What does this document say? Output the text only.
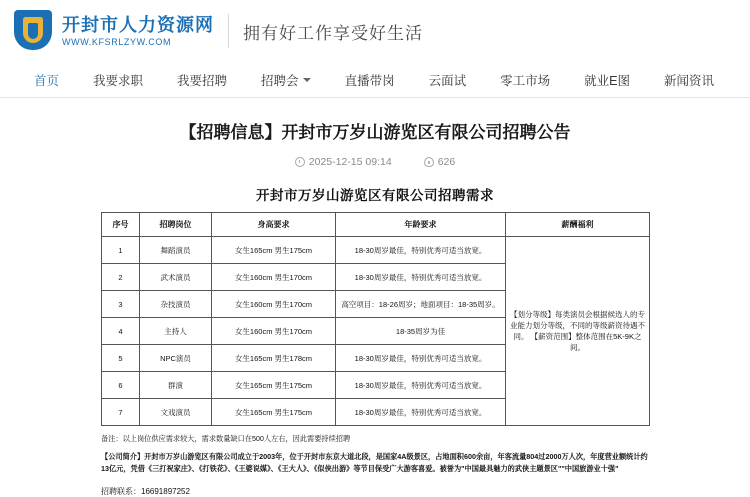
开封市人力资源网
WWW.KFSRLZYW.COM	拥有好工作享受好生活
首页	我要求职	我要招聘	招聘会	直播带岗	云面试	零工市场	就业E图	新闻资讯
【招聘信息】开封市万岁山游览区有限公司招聘公告
2025-12-15 09:14	626
开封市万岁山游览区有限公司招聘需求
序号	招聘岗位	身高要求	年龄要求	薪酬福利
1	舞蹈演员	女生165cm 男生175cm	18-30周岁最佳，特别优秀可适当放宽。	【划分等级】每类演员会根据候选人的专业能力划分等级，不同的等级薪资待遇不同。 【薪资范围】整体范围在5K-9K之间。
2	武术演员	女生160cm 男生170cm	18-30周岁最佳，特别优秀可适当放宽。	
3	杂技演员	女生160cm 男生170cm	高空项目：18-26周岁；地面项目：18-35周岁。	
4	主持人	女生160cm 男生170cm	18-35周岁为佳	
5	NPC演员	女生165cm 男生178cm	18-30周岁最佳，特别优秀可适当放宽。	
6	群演	女生165cm 男生175cm	18-30周岁最佳，特别优秀可适当放宽。	
7	文戏演员	女生165cm 男生175cm	18-30周岁最佳，特别优秀可适当放宽。	

备注：以上岗位供应需求较大，需求数量缺口在500人左右，因此需要持续招聘

【公司简介】开封市万岁山游览区有限公司成立于2003年，位于开封市东京大道北段，是国家4A级景区，占地面积600余亩，年客流量804过2000万人次，年度营业额统计约13亿元，凭借《三打祝家庄》、《打铁花》、《王婆说媒》、《王大人》、《似侠出游》等节目保受广大游客喜爱。被誉为"中国最具魅力的武侠主题景区""中国旅游业十强"

招聘联系：16691897252
